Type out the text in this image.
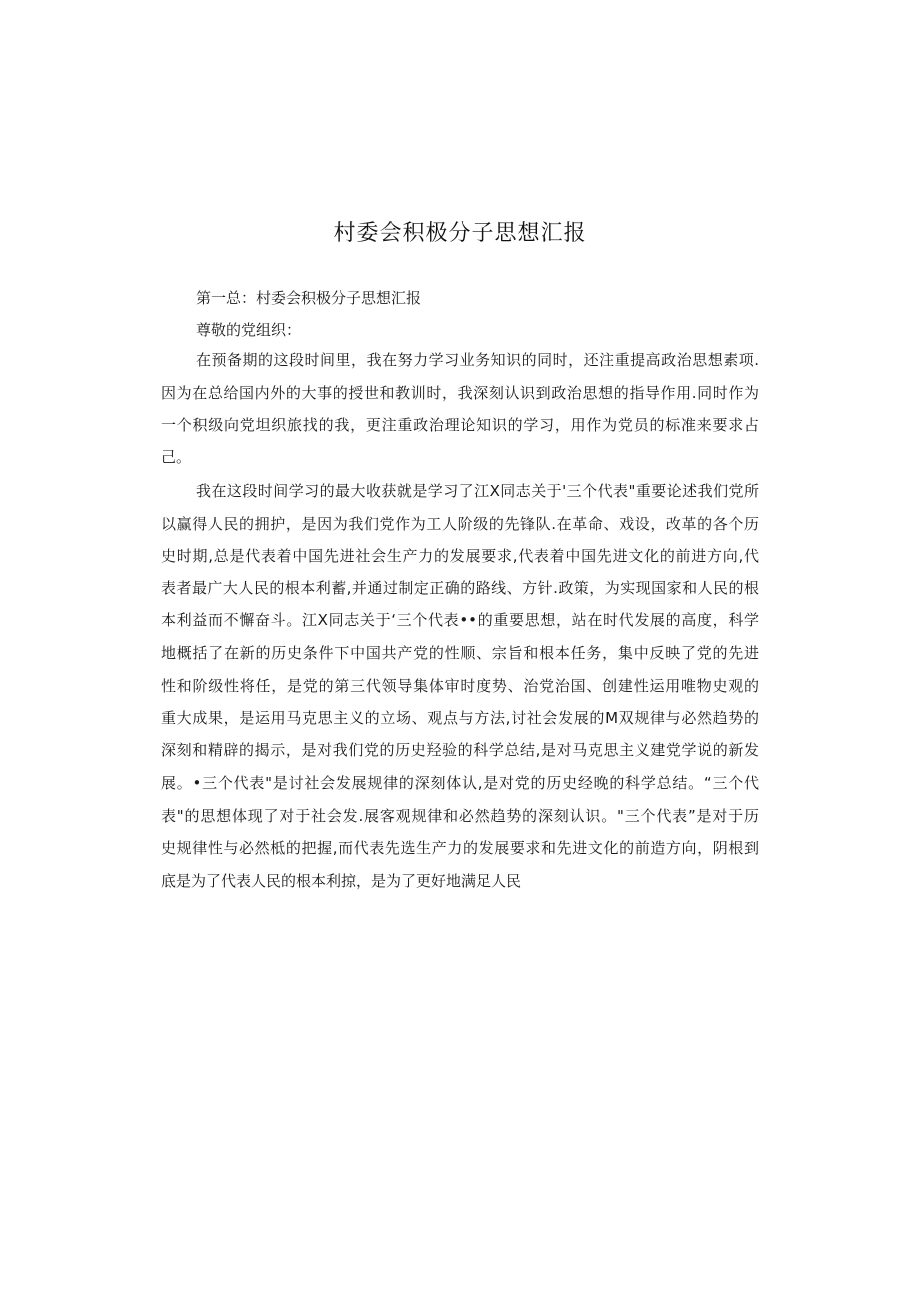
村委会积极分子思想汇报

第一总：村委会积极分子思想汇报

尊敬的党组织：

在预备期的这段时间里，我在努力学习业务知识的同时，还注重提高政治思想素项.

因为在总给国内外的大事的授世和教训时，我深刻认识到政治思想的指导作用.同时作为

一个积级向党坦织旅找的我，更注重政治理论知识的学习，用作为党员的标准来要求占

己。

我在这段时间学习的最大收获就是学习了江X同志关于'三个代表"重要论述我们党所

以赢得人民的拥护，是因为我们党作为工人阶级的先锋队.在革命、戏设，改革的各个历

史时期,总是代表着中国先进社会生产力的发展要求,代表着中国先进文化的前进方向,代

表者最广大人民的根本利蓄,并通过制定正确的路线、方针.政策，为实现国家和人民的根

本利益而不懈奋斗。江X同志关于‘三个代表••的重要思想，站在时代发展的高度，科学

地概括了在新的历史条件下中国共产党的性顺、宗旨和根本任务，集中反映了党的先进

性和阶级性将任，是党的第三代领导集体审时度势、治党治国、创建性运用唯物史观的

重大成果，是运用马克思主义的立场、观点与方法,讨社会发展的M双规律与必然趋势的

深刻和精辟的揭示，是对我们党的历史羟验的科学总结,是对马克思主义建党学说的新发

展。•三个代表"是讨社会发展规律的深刻体认,是对党的历史经晚的科学总结。“三个代

表"的思想体现了对于社会发.展客观规律和必然趋势的深刻认识。"三个代表”是对于历

史规律性与必然柢的把握,而代表先选生产力的发展要求和先进文化的前造方向，阴根到

底是为了代表人民的根本利掠，是为了更好地满足人民
